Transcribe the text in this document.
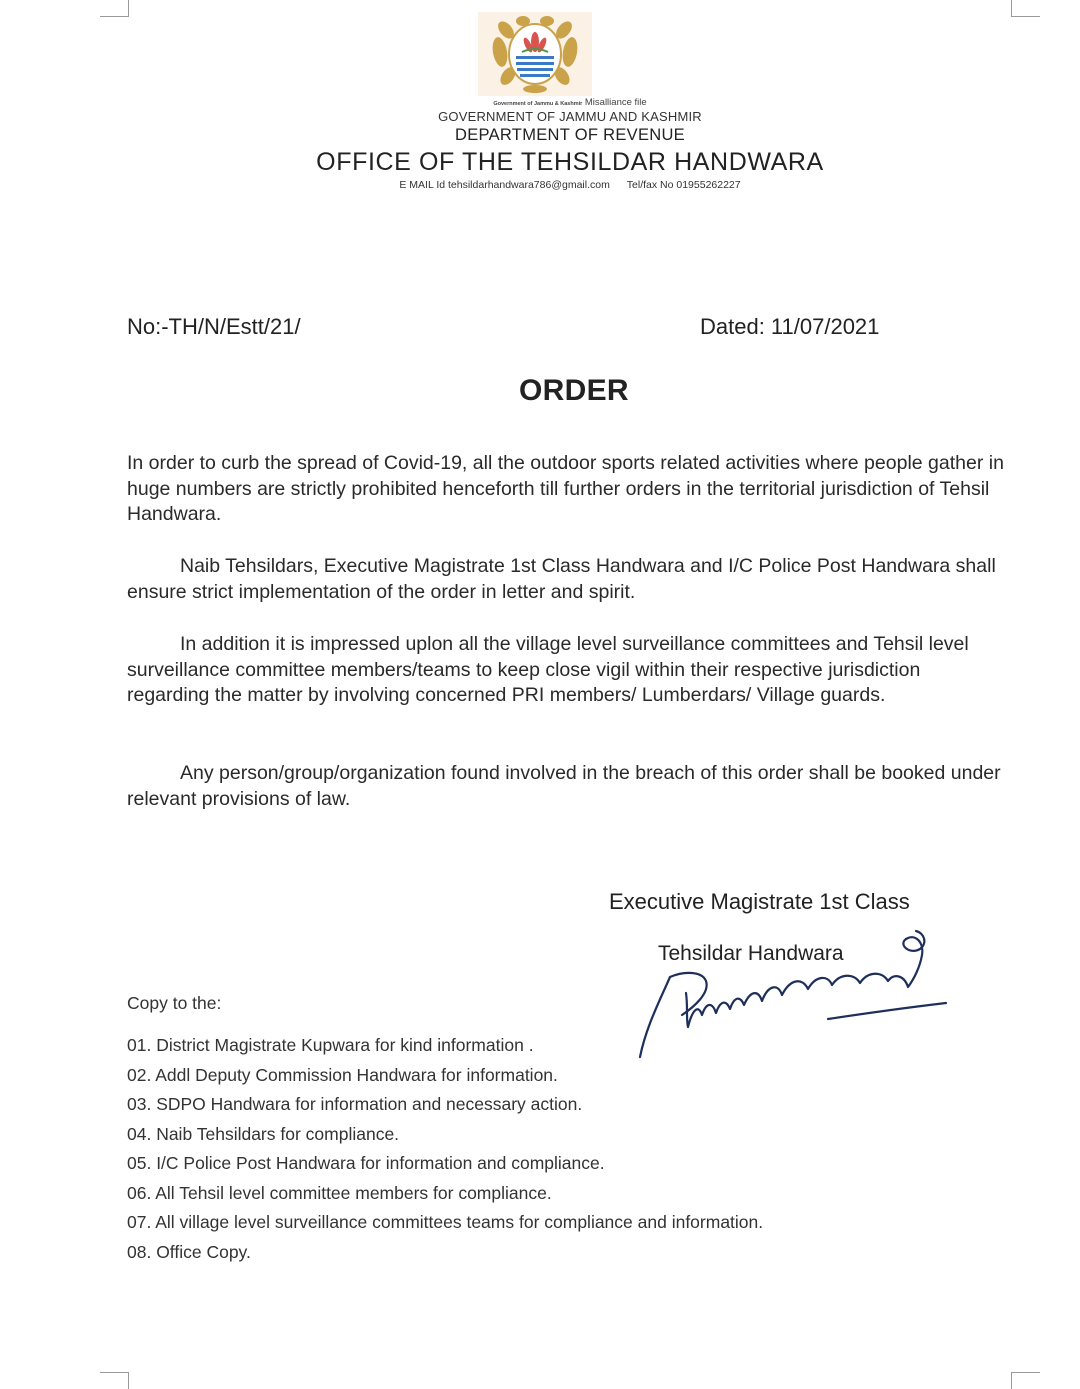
Government of Jammu & Kashmir Misalliance file
GOVERNMENT OF JAMMU AND KASHMIR
DEPARTMENT OF REVENUE
OFFICE OF THE TEHSILDAR HANDWARA
E MAIL Id tehsildarhandwara786@gmail.com Tel/fax No 01955262227
No:-TH/N/Estt/21/	Dated: 11/07/2021
ORDER
In order to curb the spread of Covid-19, all the outdoor sports related activities where people gather in huge numbers are strictly prohibited henceforth till further orders in the territorial jurisdiction of Tehsil Handwara.
Naib Tehsildars, Executive Magistrate 1st Class Handwara and I/C Police Post Handwara shall ensure strict implementation of the order in letter and spirit.
In addition it is impressed uplon all the village level surveillance committees and Tehsil level surveillance committee members/teams to keep close vigil within their respective jurisdiction regarding the matter by involving concerned PRI members/ Lumberdars/ Village guards.
Any person/group/organization found involved in the breach of this order shall be booked under relevant provisions of law.
Executive Magistrate 1st Class
Tehsildar Handwara
Copy to the:
01. District Magistrate Kupwara for kind information .
02. Addl Deputy Commission Handwara for information.
03. SDPO Handwara for information and necessary action.
04. Naib Tehsildars for compliance.
05. I/C Police Post Handwara for information and compliance.
06. All Tehsil level committee members for compliance.
07. All village level surveillance committees teams for compliance and information.
08. Office Copy.
